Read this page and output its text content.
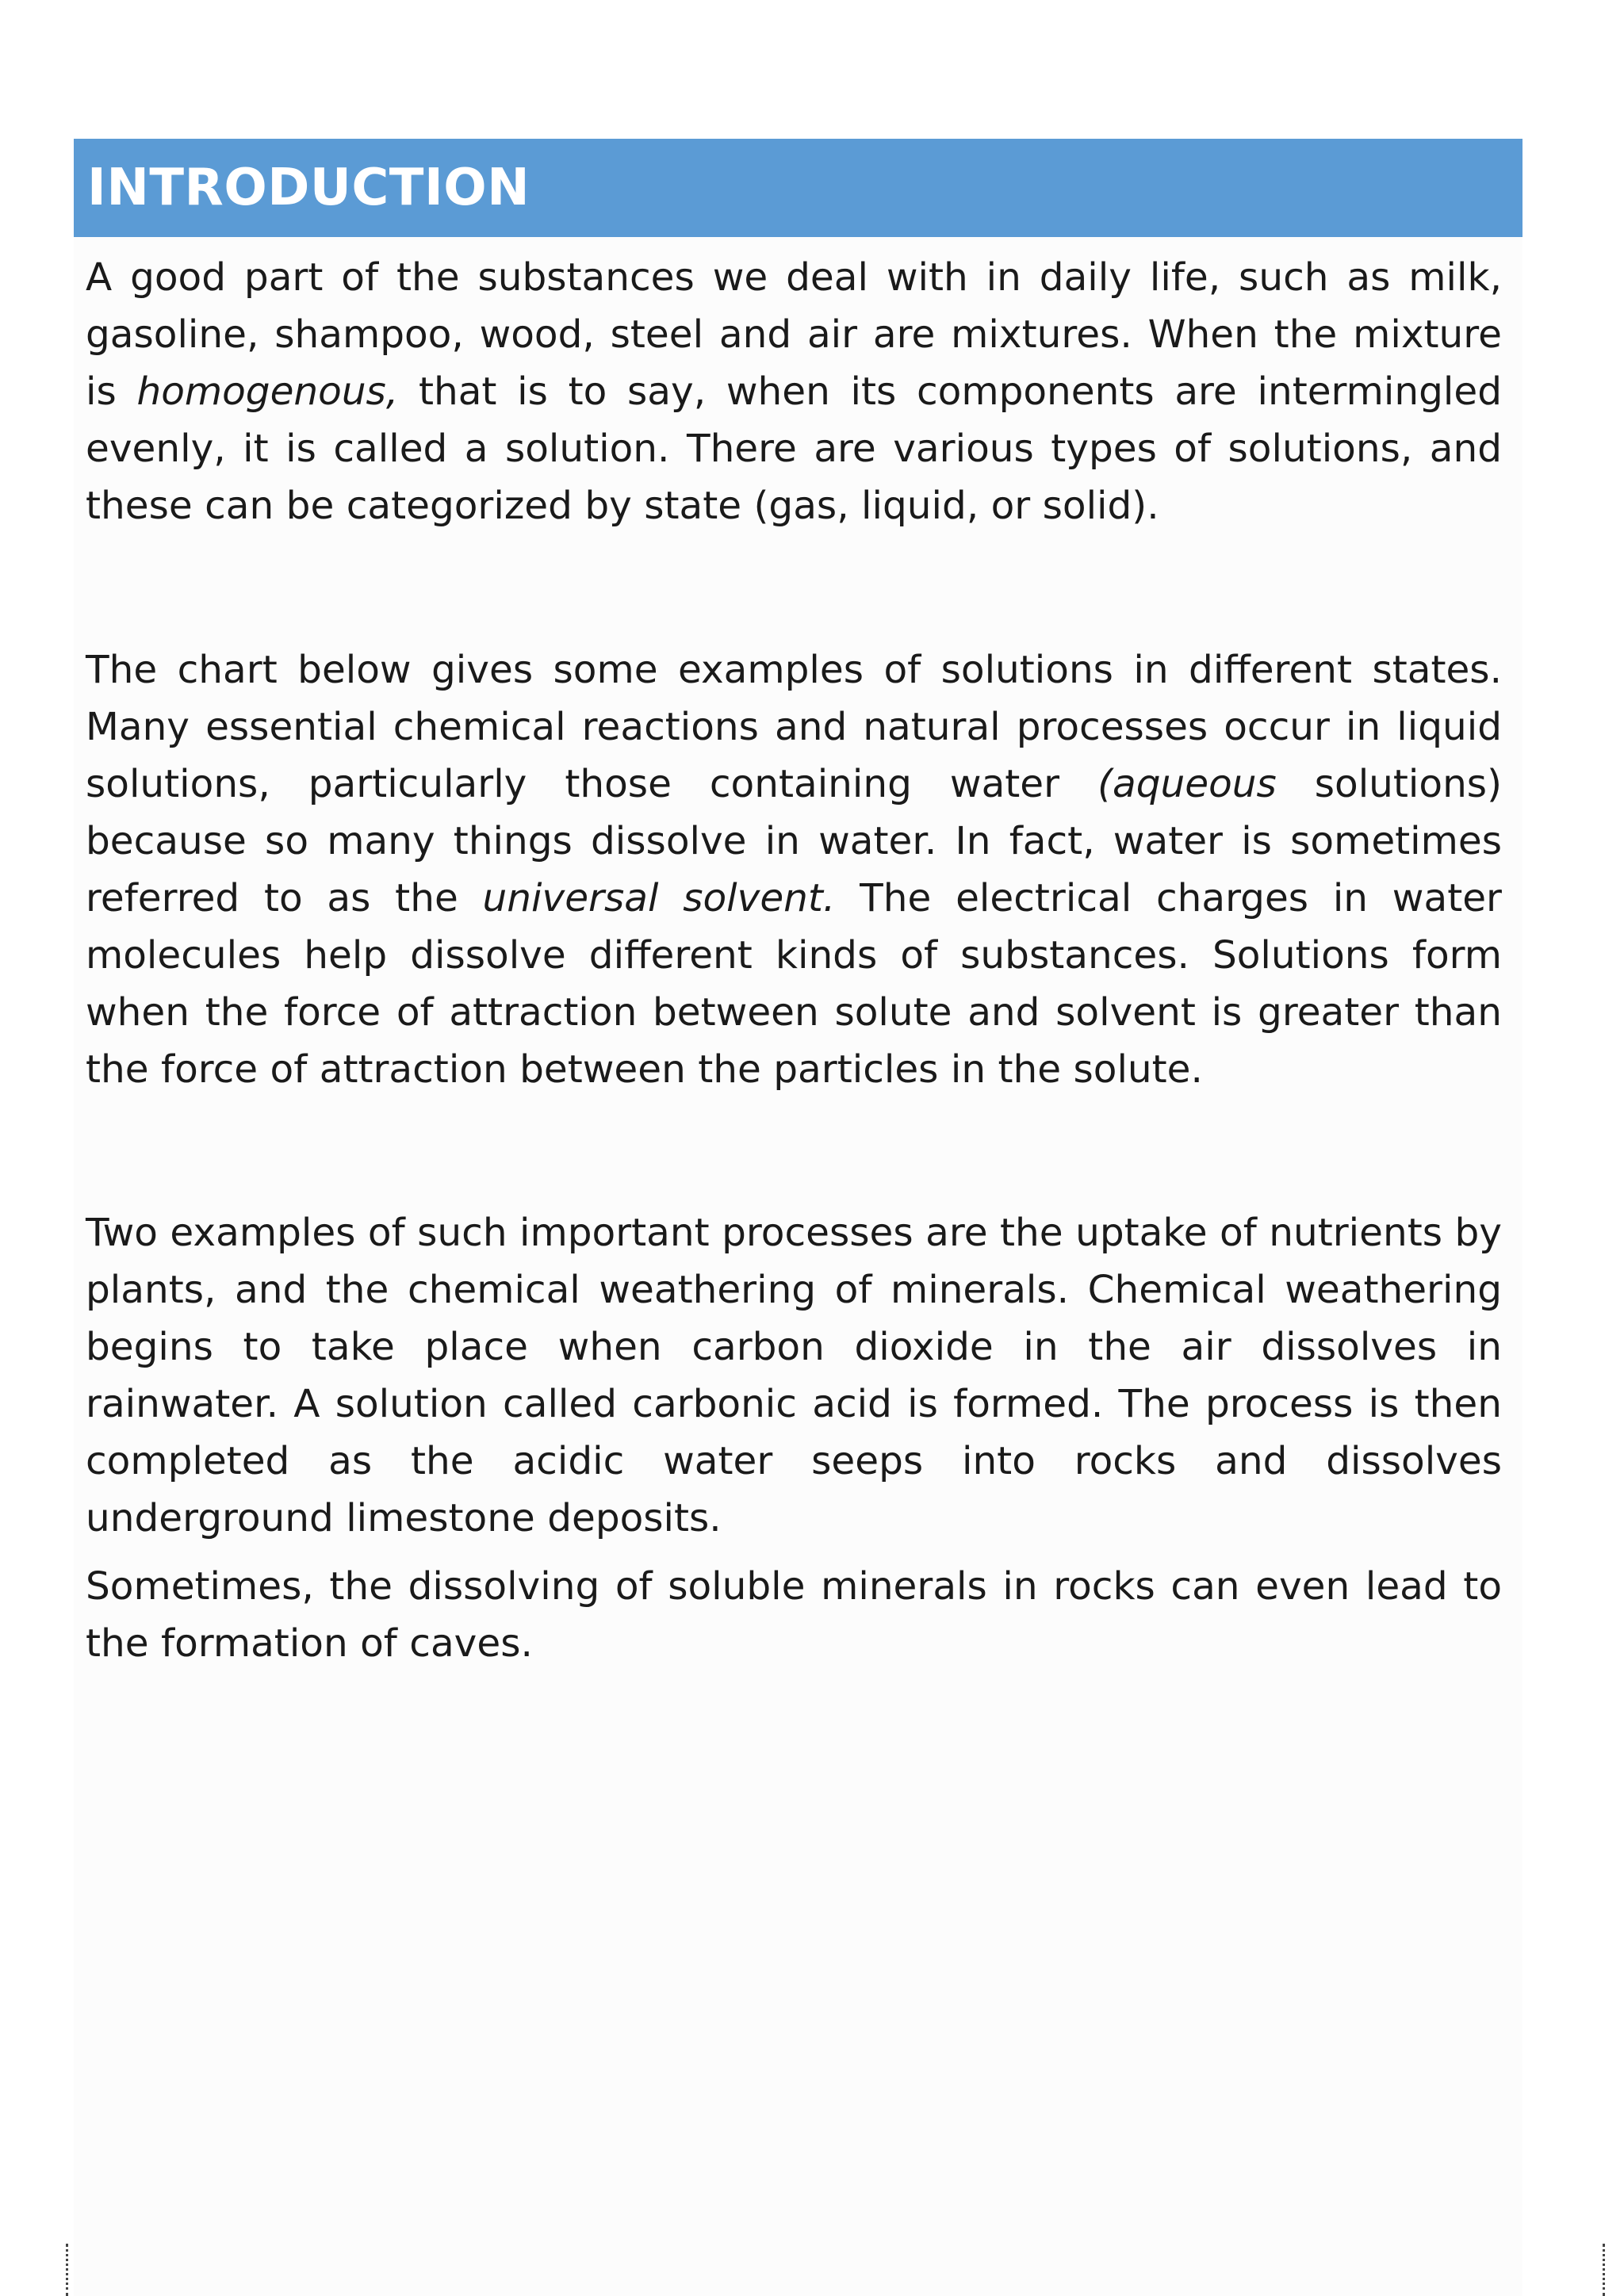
INTRODUCTION

A good part of the substances we deal with in daily life, such as milk, gasoline, shampoo, wood, steel and air are mixtures. When the mixture is homogenous, that is to say, when its components are intermingled evenly, it is called a solution. There are various types of solutions, and these can be categorized by state (gas, liquid, or solid).

The chart below gives some examples of solutions in different states. Many essential chemical reactions and natural processes occur in liquid solutions, particularly those containing water (aqueous solutions) because so many things dissolve in water. In fact, water is sometimes referred to as the universal solvent. The electrical charges in water molecules help dissolve different kinds of substances. Solutions form when the force of attraction between solute and solvent is greater than the force of attraction between the particles in the solute.

Two examples of such important processes are the uptake of nutrients by plants, and the chemical weathering of minerals. Chemical weathering begins to take place when carbon dioxide in the air dissolves in rainwater. A solution called carbonic acid is formed. The process is then completed as the acidic water seeps into rocks and dissolves underground limestone deposits.

Sometimes, the dissolving of soluble minerals in rocks can even lead to the formation of caves.
